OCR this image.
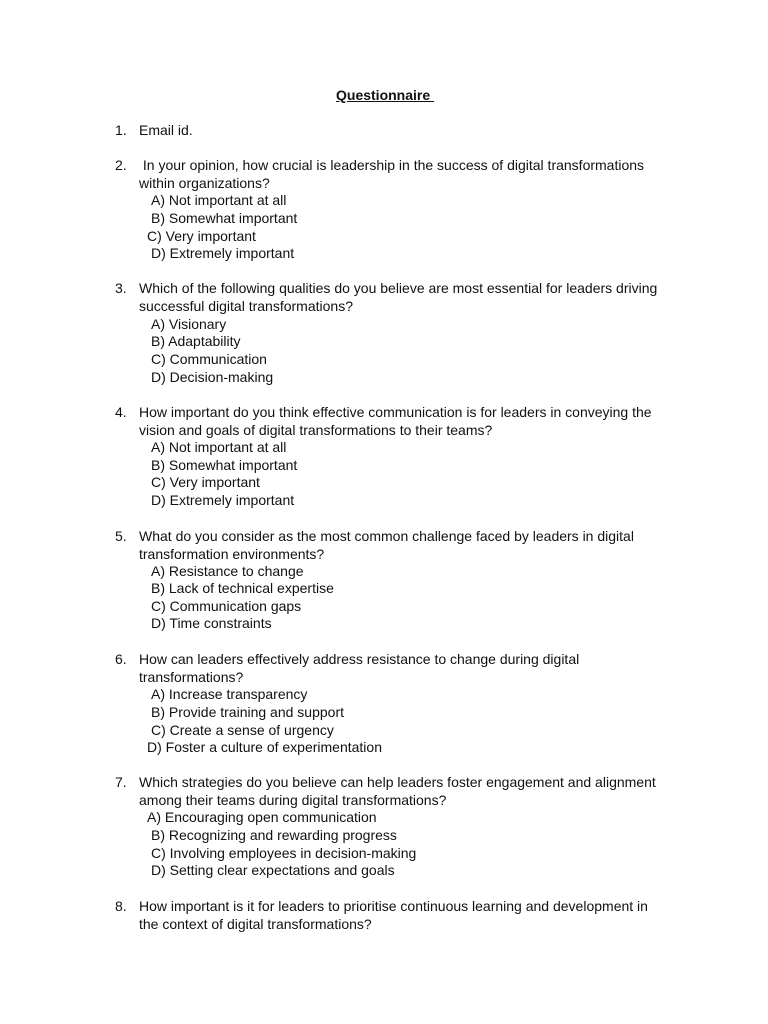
Questionnaire
1. Email id.
2. In your opinion, how crucial is leadership in the success of digital transformations
within organizations?
A) Not important at all
B) Somewhat important
C) Very important
D) Extremely important
3. Which of the following qualities do you believe are most essential for leaders driving
successful digital transformations?
A) Visionary
B) Adaptability
C) Communication
D) Decision-making
4. How important do you think effective communication is for leaders in conveying the
vision and goals of digital transformations to their teams?
A) Not important at all
B) Somewhat important
C) Very important
D) Extremely important
5. What do you consider as the most common challenge faced by leaders in digital
transformation environments?
A) Resistance to change
B) Lack of technical expertise
C) Communication gaps
D) Time constraints
6. How can leaders effectively address resistance to change during digital
transformations?
A) Increase transparency
B) Provide training and support
C) Create a sense of urgency
D) Foster a culture of experimentation
7. Which strategies do you believe can help leaders foster engagement and alignment
among their teams during digital transformations?
A) Encouraging open communication
B) Recognizing and rewarding progress
C) Involving employees in decision-making
D) Setting clear expectations and goals
8. How important is it for leaders to prioritise continuous learning and development in
the context of digital transformations?
